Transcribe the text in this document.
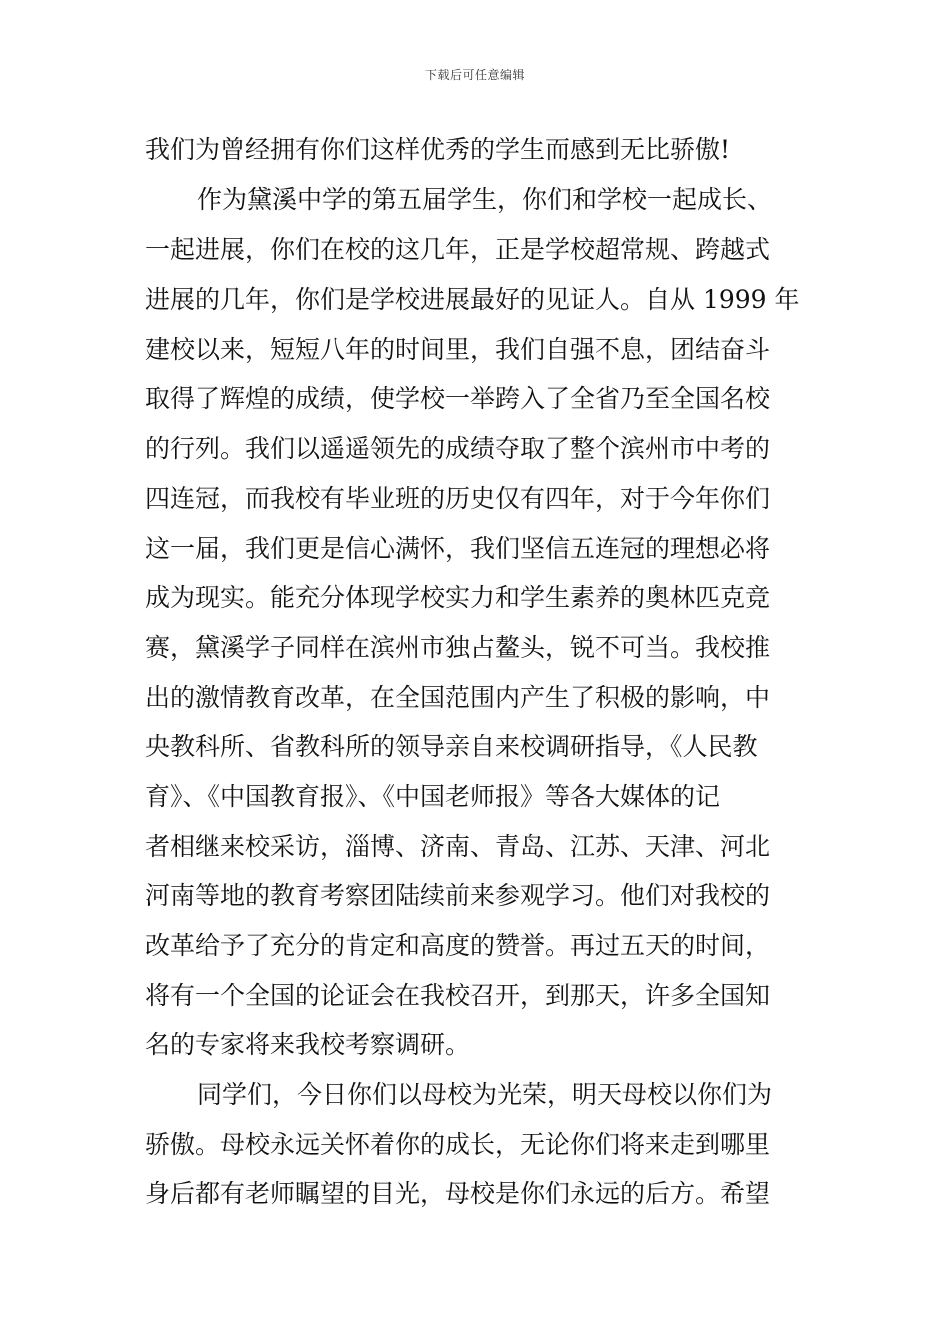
下载后可任意编辑
我们为曾经拥有你们这样优秀的学生而感到无比骄傲!
作为黛溪中学的第五届学生，你们和学校一起成长、
一起进展，你们在校的这几年，正是学校超常规、跨越式
进展的几年，你们是学校进展最好的见证人。自从 1999 年
建校以来，短短八年的时间里，我们自强不息，团结奋斗
取得了辉煌的成绩，使学校一举跨入了全省乃至全国名校
的行列。我们以遥遥领先的成绩夺取了整个滨州市中考的
四连冠，而我校有毕业班的历史仅有四年，对于今年你们
这一届，我们更是信心满怀，我们坚信五连冠的理想必将
成为现实。能充分体现学校实力和学生素养的奥林匹克竞
赛，黛溪学子同样在滨州市独占鳌头，锐不可当。我校推
出的激情教育改革，在全国范围内产生了积极的影响，中
央教科所、省教科所的领导亲自来校调研指导，《人民教
育》、《中国教育报》、《中国老师报》等各大媒体的记
者相继来校采访，淄博、济南、青岛、江苏、天津、河北
河南等地的教育考察团陆续前来参观学习。他们对我校的
改革给予了充分的肯定和高度的赞誉。再过五天的时间，
将有一个全国的论证会在我校召开，到那天，许多全国知
名的专家将来我校考察调研。
同学们，今日你们以母校为光荣，明天母校以你们为
骄傲。母校永远关怀着你的成长，无论你们将来走到哪里
身后都有老师瞩望的目光，母校是你们永远的后方。希望
